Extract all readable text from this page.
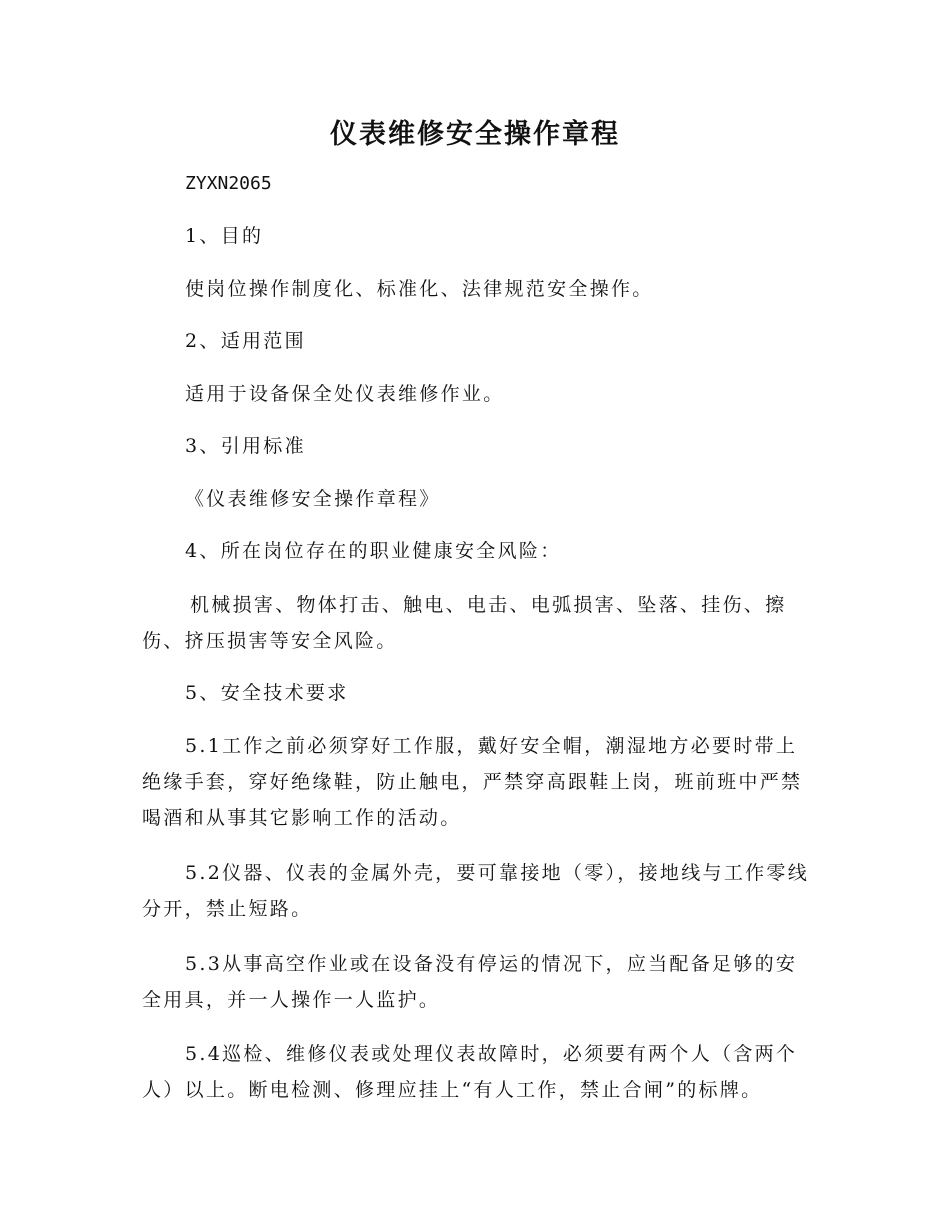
仪表维修安全操作章程
ZYXN2065
1、目的
使岗位操作制度化、标准化、法律规范安全操作。
2、适用范围
适用于设备保全处仪表维修作业。
3、引用标准
《仪表维修安全操作章程》
4、所在岗位存在的职业健康安全风险：
机械损害、物体打击、触电、电击、电弧损害、坠落、挂伤、擦伤、挤压损害等安全风险。
5、安全技术要求
5.1工作之前必须穿好工作服，戴好安全帽，潮湿地方必要时带上绝缘手套，穿好绝缘鞋，防止触电，严禁穿高跟鞋上岗，班前班中严禁喝酒和从事其它影响工作的活动。
5.2仪器、仪表的金属外壳，要可靠接地（零），接地线与工作零线分开，禁止短路。
5.3从事高空作业或在设备没有停运的情况下，应当配备足够的安全用具，并一人操作一人监护。
5.4巡检、维修仪表或处理仪表故障时，必须要有两个人（含两个人）以上。断电检测、修理应挂上“有人工作，禁止合闸”的标牌。
